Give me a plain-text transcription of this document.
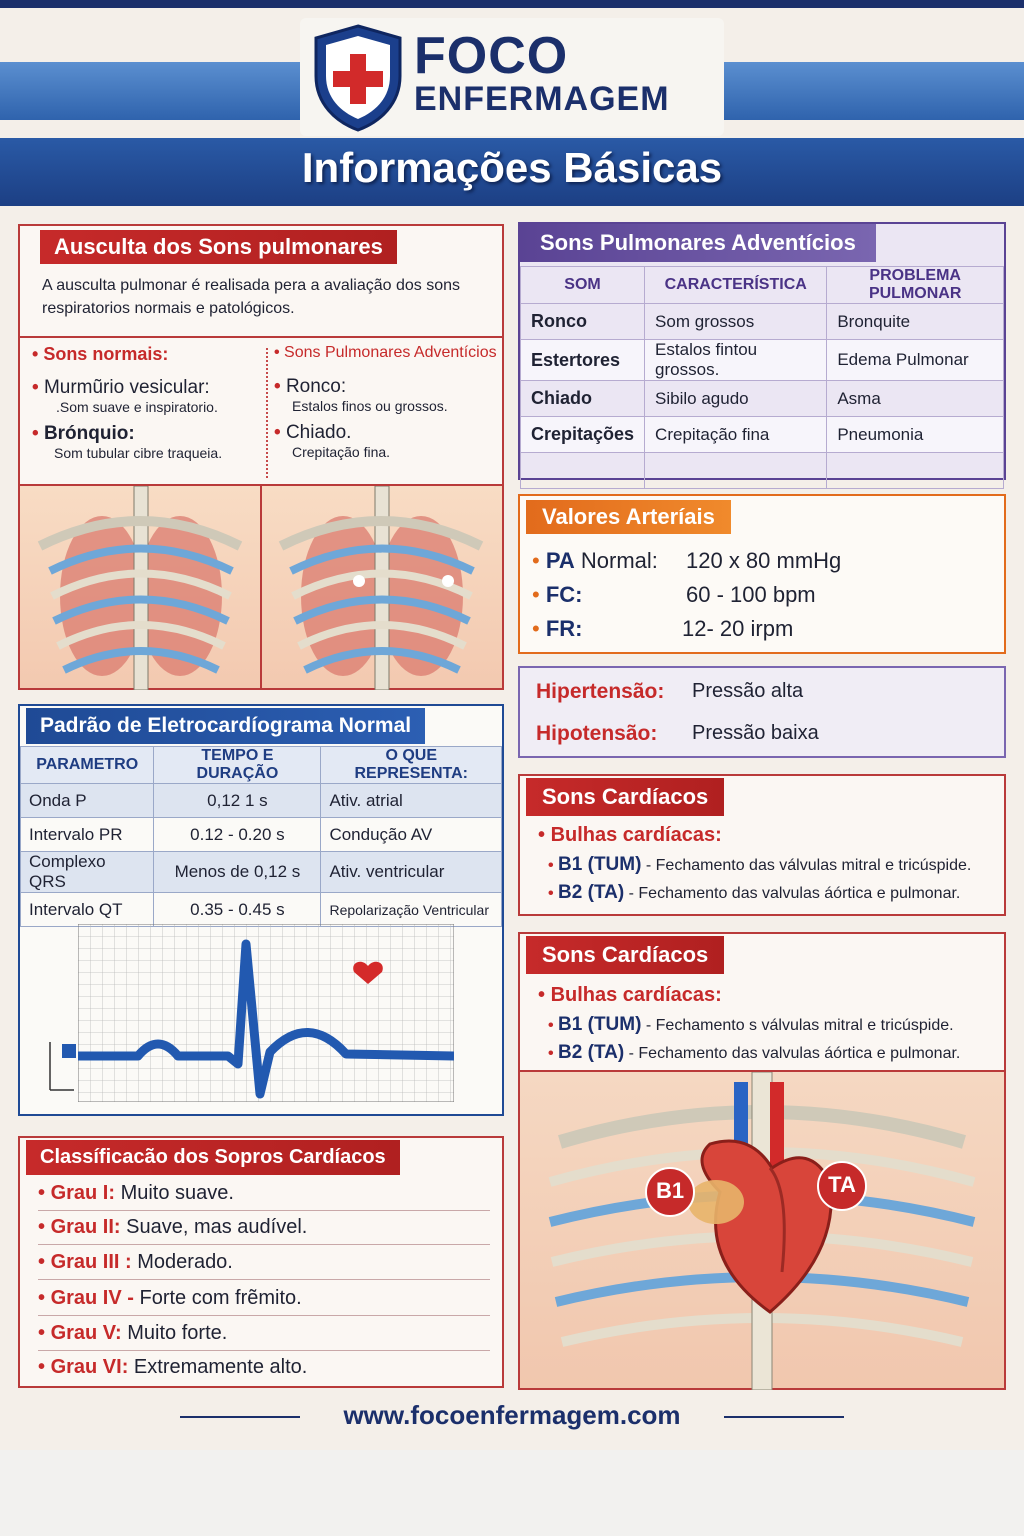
FOCO
ENFERMAGEM
Informações Básicas
Ausculta dos Sons pulmonares
A ausculta pulmonar é realisada pera a avaliação dos sons respiratorios normais e patológicos.
• Sons normais:
• Murmũrio vesicular:
.Som suave e inspiratorio.
• Brónquio:
Som tubular cibre traqueia.
• Sons Pulmonares Adventícios
• Ronco:
Estalos finos ou grossos.
• Chiado.
Crepitação fina.
Sons Pulmonares Adventícios
SOM	CARACTERÍSTICA	PROBLEMA PULMONAR
Ronco	Som grossos	Bronquite
Estertores	Estalos fintou grossos.	Edema Pulmonar
Chiado	Sibilo agudo	Asma
Crepitações	Crepitação fina	Pneumonia

Valores Arteríais
• PA Normal: 120 x 80 mmHg
• FC:	60 - 100 bpm
• FR:	12- 20 irpm
Hipertensão: Pressão alta
Hipotensão: Pressão baixa
Padrão de Eletrocardíograma Normal
PARAMETRO	TEMPO E DURAÇÃO	O QUE REPRESENTA:
Onda P	0,12 1 s	Ativ. atrial
Intervalo PR	0.12 - 0.20 s	Condução AV
Complexo QRS	Menos de 0,12 s	Ativ. ventricular
Intervalo QT	0.35 - 0.45 s	Repolarização Ventricular
Sons Cardíacos
• Bulhas cardíacas:
• B1 (TUM) - Fechamento das válvulas mitral e tricúspide.
• B2 (TA) - Fechamento das valvulas áórtica e pulmonar.
Sons Cardíacos
• Bulhas cardíacas:
• B1 (TUM) - Fechamento s válvulas mitral e tricúspide.
• B2 (TA) - Fechamento das valvulas áórtica e pulmonar.
B1	TA
Classíficacão dos Sopros Cardíacos
• Grau I: Muito suave.
• Grau II: Suave, mas audível.
• Grau III : Moderado.
• Grau IV - Forte com frẽmito.
• Grau V: Muito forte.
• Grau VI: Extremamente alto.
www.focoenfermagem.com
